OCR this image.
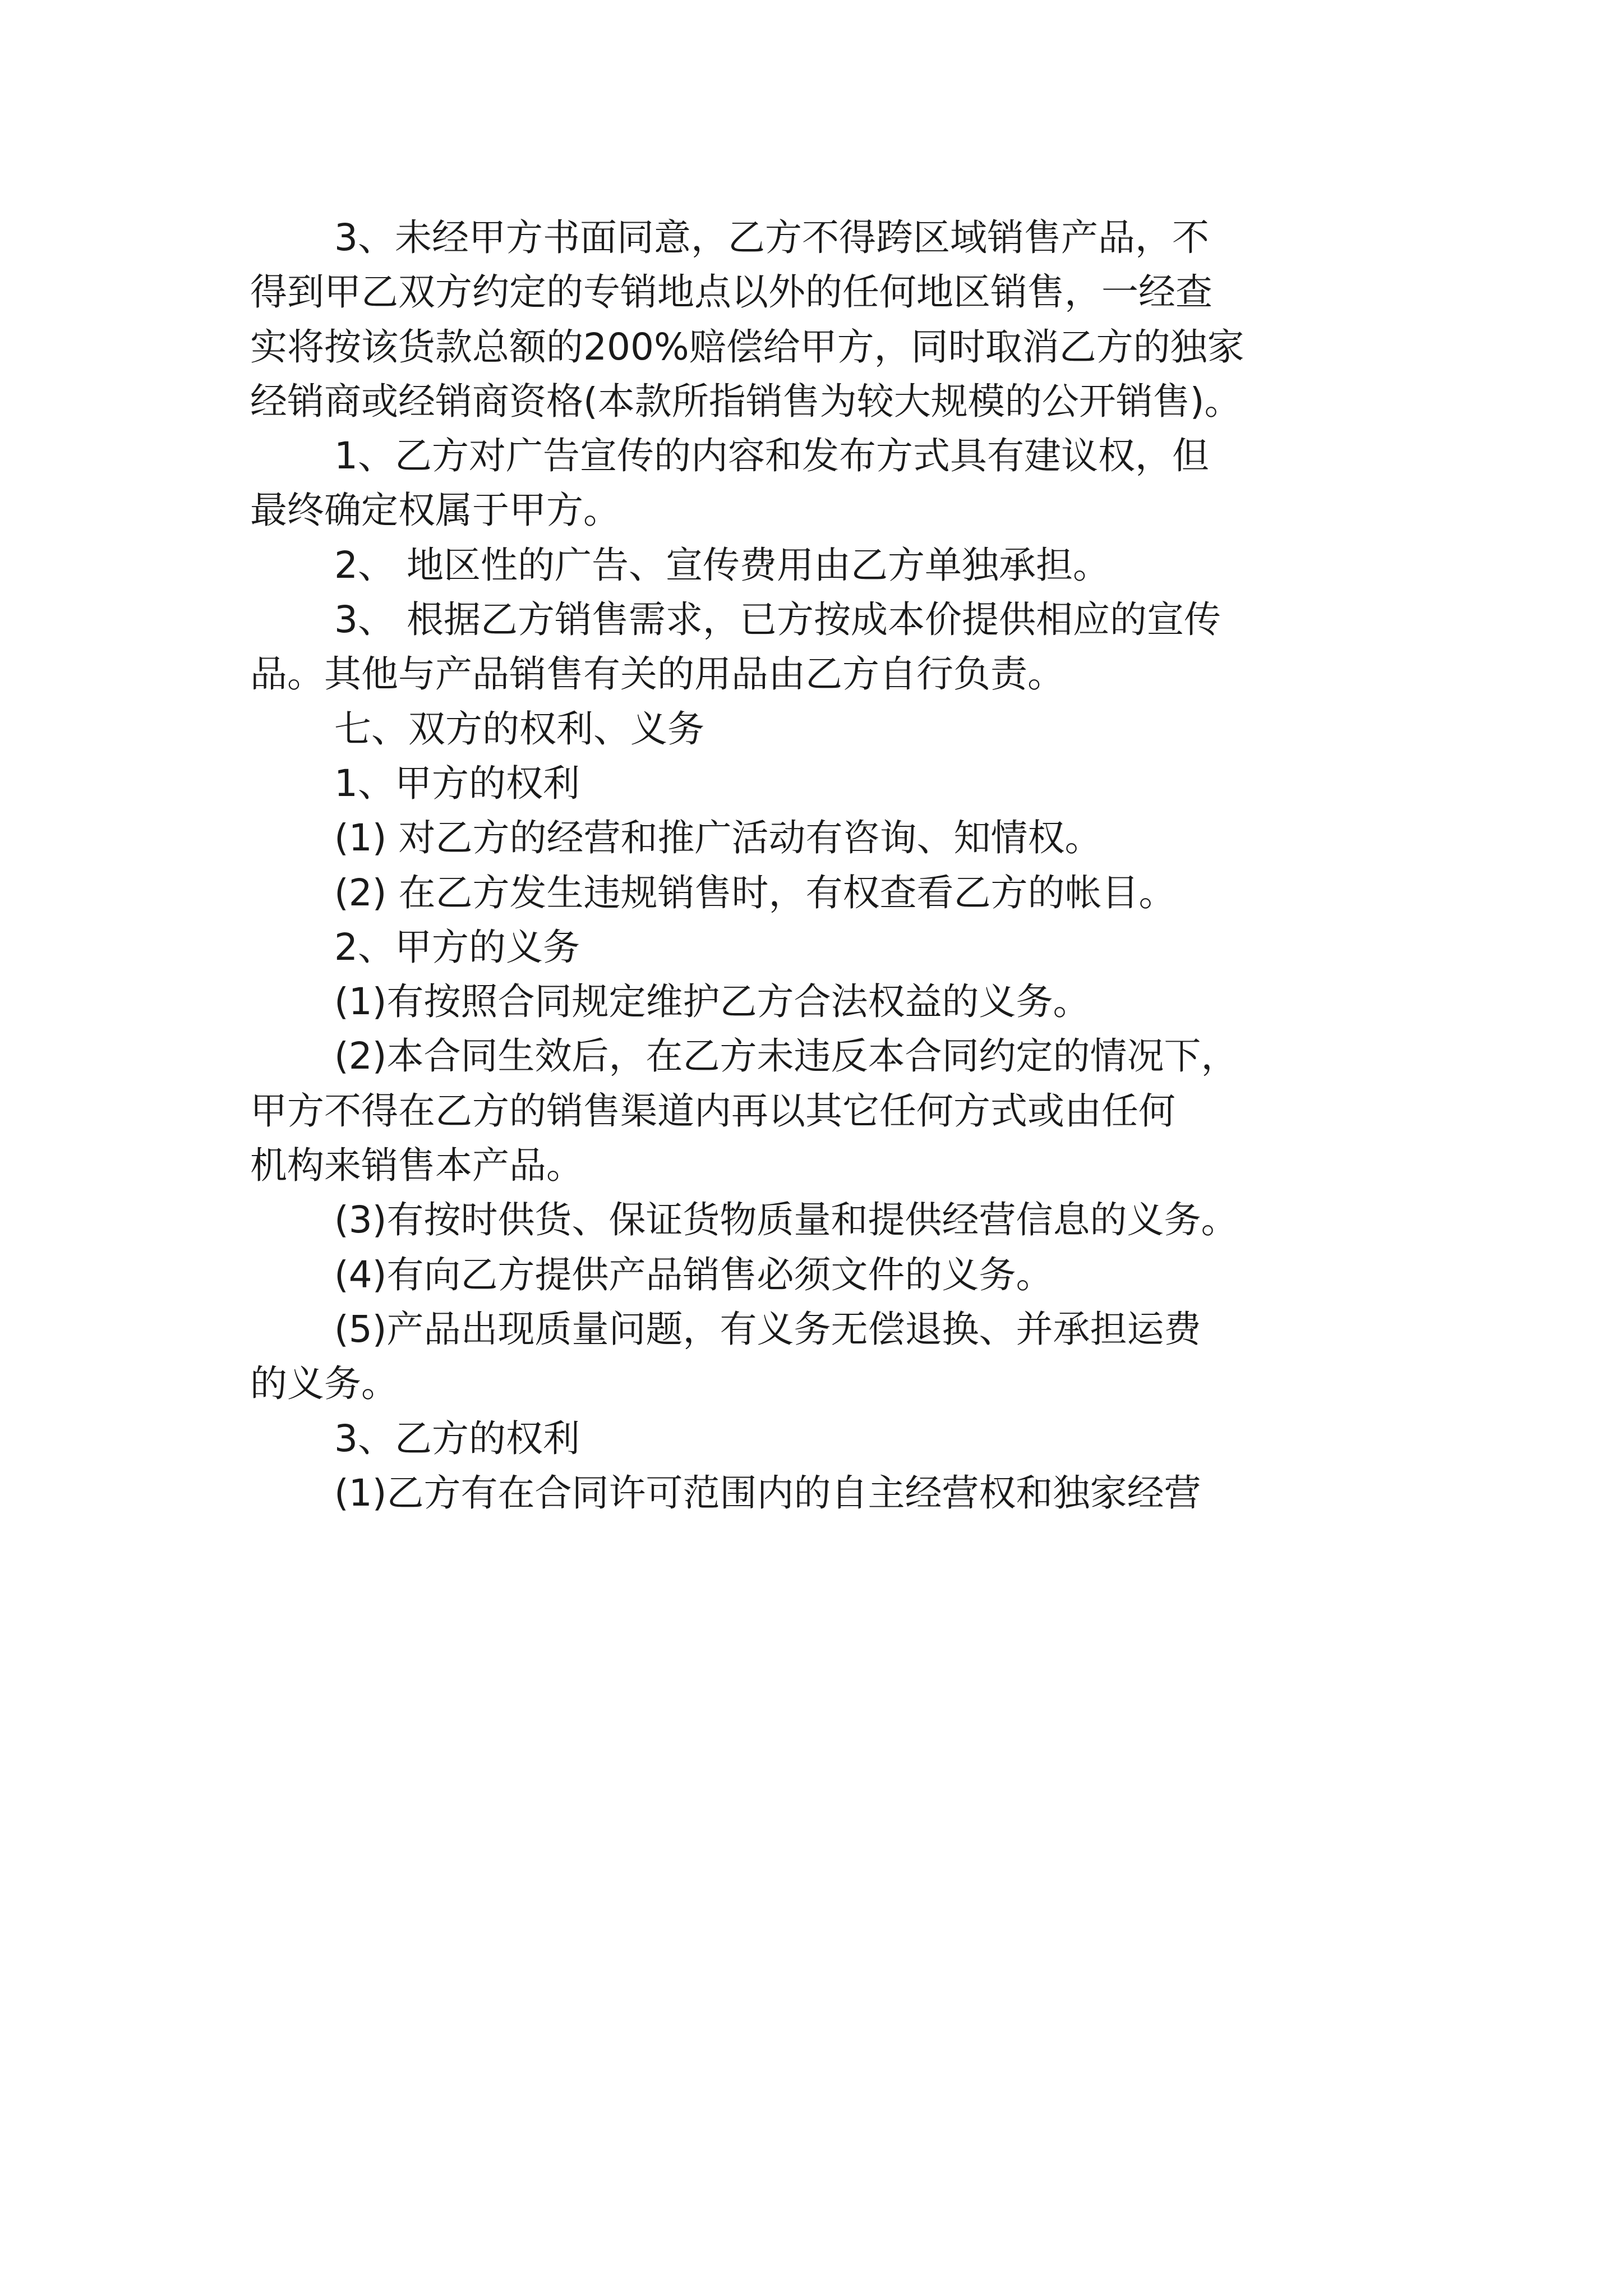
3、未经甲方书面同意，乙方不得跨区域销售产品，不
得到甲乙双方约定的专销地点以外的任何地区销售，一经查
实将按该货款总额的200%赔偿给甲方，同时取消乙方的独家
经销商或经销商资格(本款所指销售为较大规模的公开销售)。
1、乙方对广告宣传的内容和发布方式具有建议权，但
最终确定权属于甲方。
2、 地区性的广告、宣传费用由乙方单独承担。
3、 根据乙方销售需求，已方按成本价提供相应的宣传
品。其他与产品销售有关的用品由乙方自行负责。
七、双方的权利、义务
1、甲方的权利
(1) 对乙方的经营和推广活动有咨询、知情权。
(2) 在乙方发生违规销售时，有权查看乙方的帐目。
2、甲方的义务
(1)有按照合同规定维护乙方合法权益的义务。
(2)本合同生效后，在乙方未违反本合同约定的情况下，
甲方不得在乙方的销售渠道内再以其它任何方式或由任何
机构来销售本产品。
(3)有按时供货、保证货物质量和提供经营信息的义务。
(4)有向乙方提供产品销售必须文件的义务。
(5)产品出现质量问题，有义务无偿退换、并承担运费
的义务。
3、乙方的权利
(1)乙方有在合同许可范围内的自主经营权和独家经营
